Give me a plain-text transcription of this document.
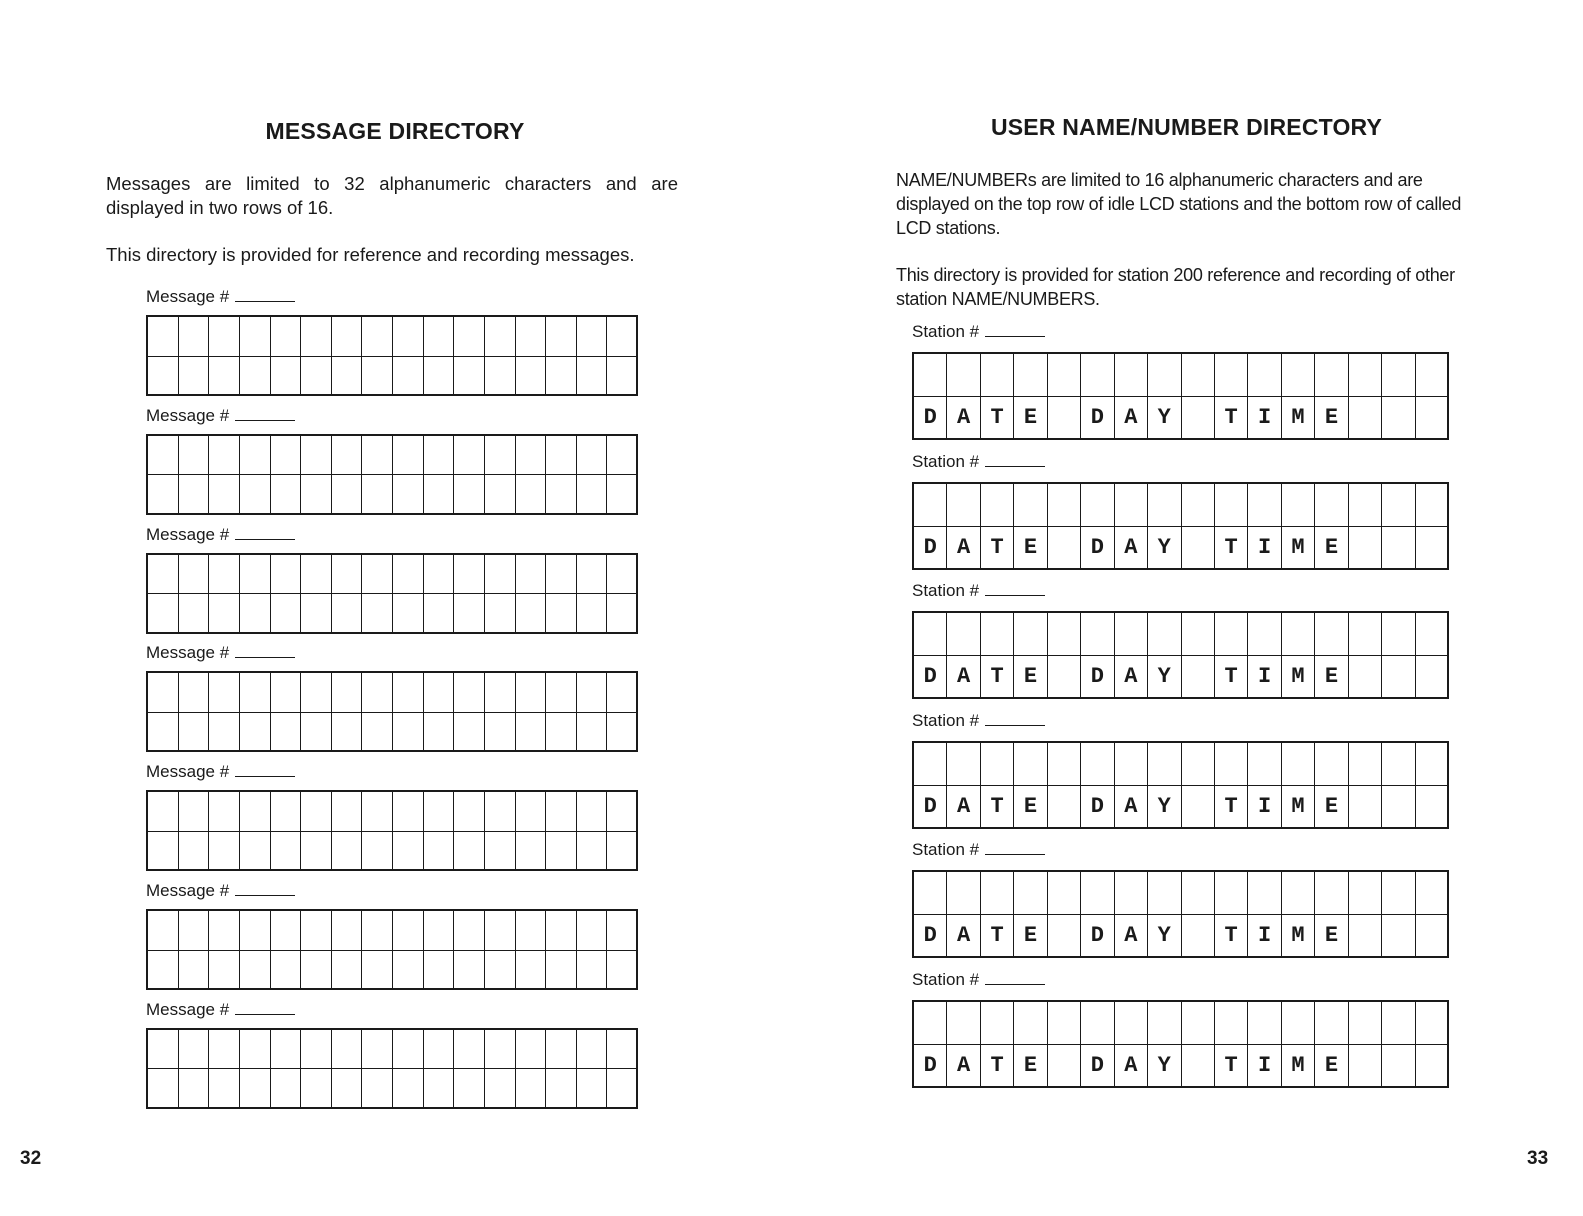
MESSAGE DIRECTORY

Messages are limited to 32 alphanumeric characters and are displayed in two rows of 16.

This directory is provided for reference and recording messages.

Message #
Message #
Message #
Message #
Message #
Message #
Message #
32
USER NAME/NUMBER DIRECTORY

NAME/NUMBERs are limited to 16 alphanumeric characters and are displayed on the top row of idle LCD stations and the bottom row of called LCD stations.

This directory is provided for station 200 reference and recording of other station NAME/NUMBERS.

Station #
D A T E	D A Y	T I M E
Station #
D A T E	D A Y	T I M E
Station #
D A T E	D A Y	T I M E
Station #
D A T E	D A Y	T I M E
Station #
D A T E	D A Y	T I M E
Station #
D A T E	D A Y	T I M E
33
